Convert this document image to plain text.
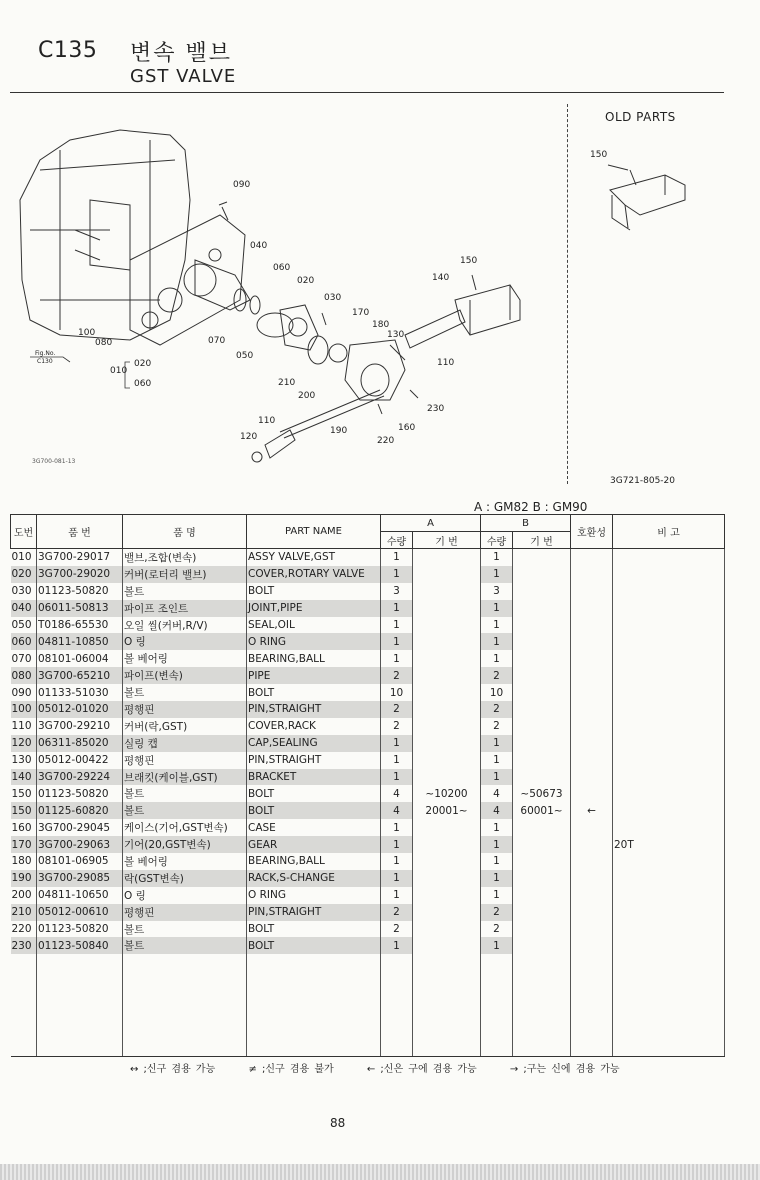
C135 변속 밸브
GST VALVE
OLD PARTS
3G721-805-20
3G700-081-13
090
040
060
020
030
150
140
170
180
130
110
100
080	070
050
010
020
060	210
200
230
160
220
190
110
120
150
Fig.No.
C130
A : GM82 B : GM90
도번	품 번	품 명	PART NAME	A		B		호환성	비 고
				수량	기 번	수량	기 번		
010	3G700-29017	밸브,조합(변속)	ASSY VALVE,GST	1		1			
020	3G700-29020	커버(로터리 밸브)	COVER,ROTARY VALVE	1		1			
030	01123-50820	볼트	BOLT	3		3			
040	06011-50813	파이프 조인트	JOINT,PIPE	1		1			
050	T0186-65530	오일 씰(커버,R/V)	SEAL,OIL	1		1			
060	04811-10850	O 링	O RING	1		1			
070	08101-06004	볼 베어링	BEARING,BALL	1		1			
080	3G700-65210	파이프(변속)	PIPE	2		2			
090	01133-51030	볼트	BOLT	10		10			
100	05012-01020	평행핀	PIN,STRAIGHT	2		2			
110	3G700-29210	커버(락,GST)	COVER,RACK	2		2			
120	06311-85020	실링 캡	CAP,SEALING	1		1			
130	05012-00422	평행핀	PIN,STRAIGHT	1		1			
140	3G700-29224	브래킷(케이블,GST)	BRACKET	1		1			
150	01123-50820	볼트	BOLT	4	~10200	4	~50673		
150	01125-60820	볼트	BOLT	4	20001~	4	60001~	←	
160	3G700-29045	케이스(기어,GST변속)	CASE	1		1			
170	3G700-29063	기어(20,GST변속)	GEAR	1		1			20T
180	08101-06905	볼 베어링	BEARING,BALL	1		1			
190	3G700-29085	락(GST변속)	RACK,S-CHANGE	1		1			
200	04811-10650	O 링	O RING	1		1			
210	05012-00610	평행핀	PIN,STRAIGHT	2		2			
220	01123-50820	볼트	BOLT	2		2			
230	01123-50840	볼트	BOLT	1		1			

↔ ;신구 겸용 가능	≠ ;신구 겸용 불가	← ;신은 구에 겸용 가능	→ ;구는 신에 겸용 가능
88
